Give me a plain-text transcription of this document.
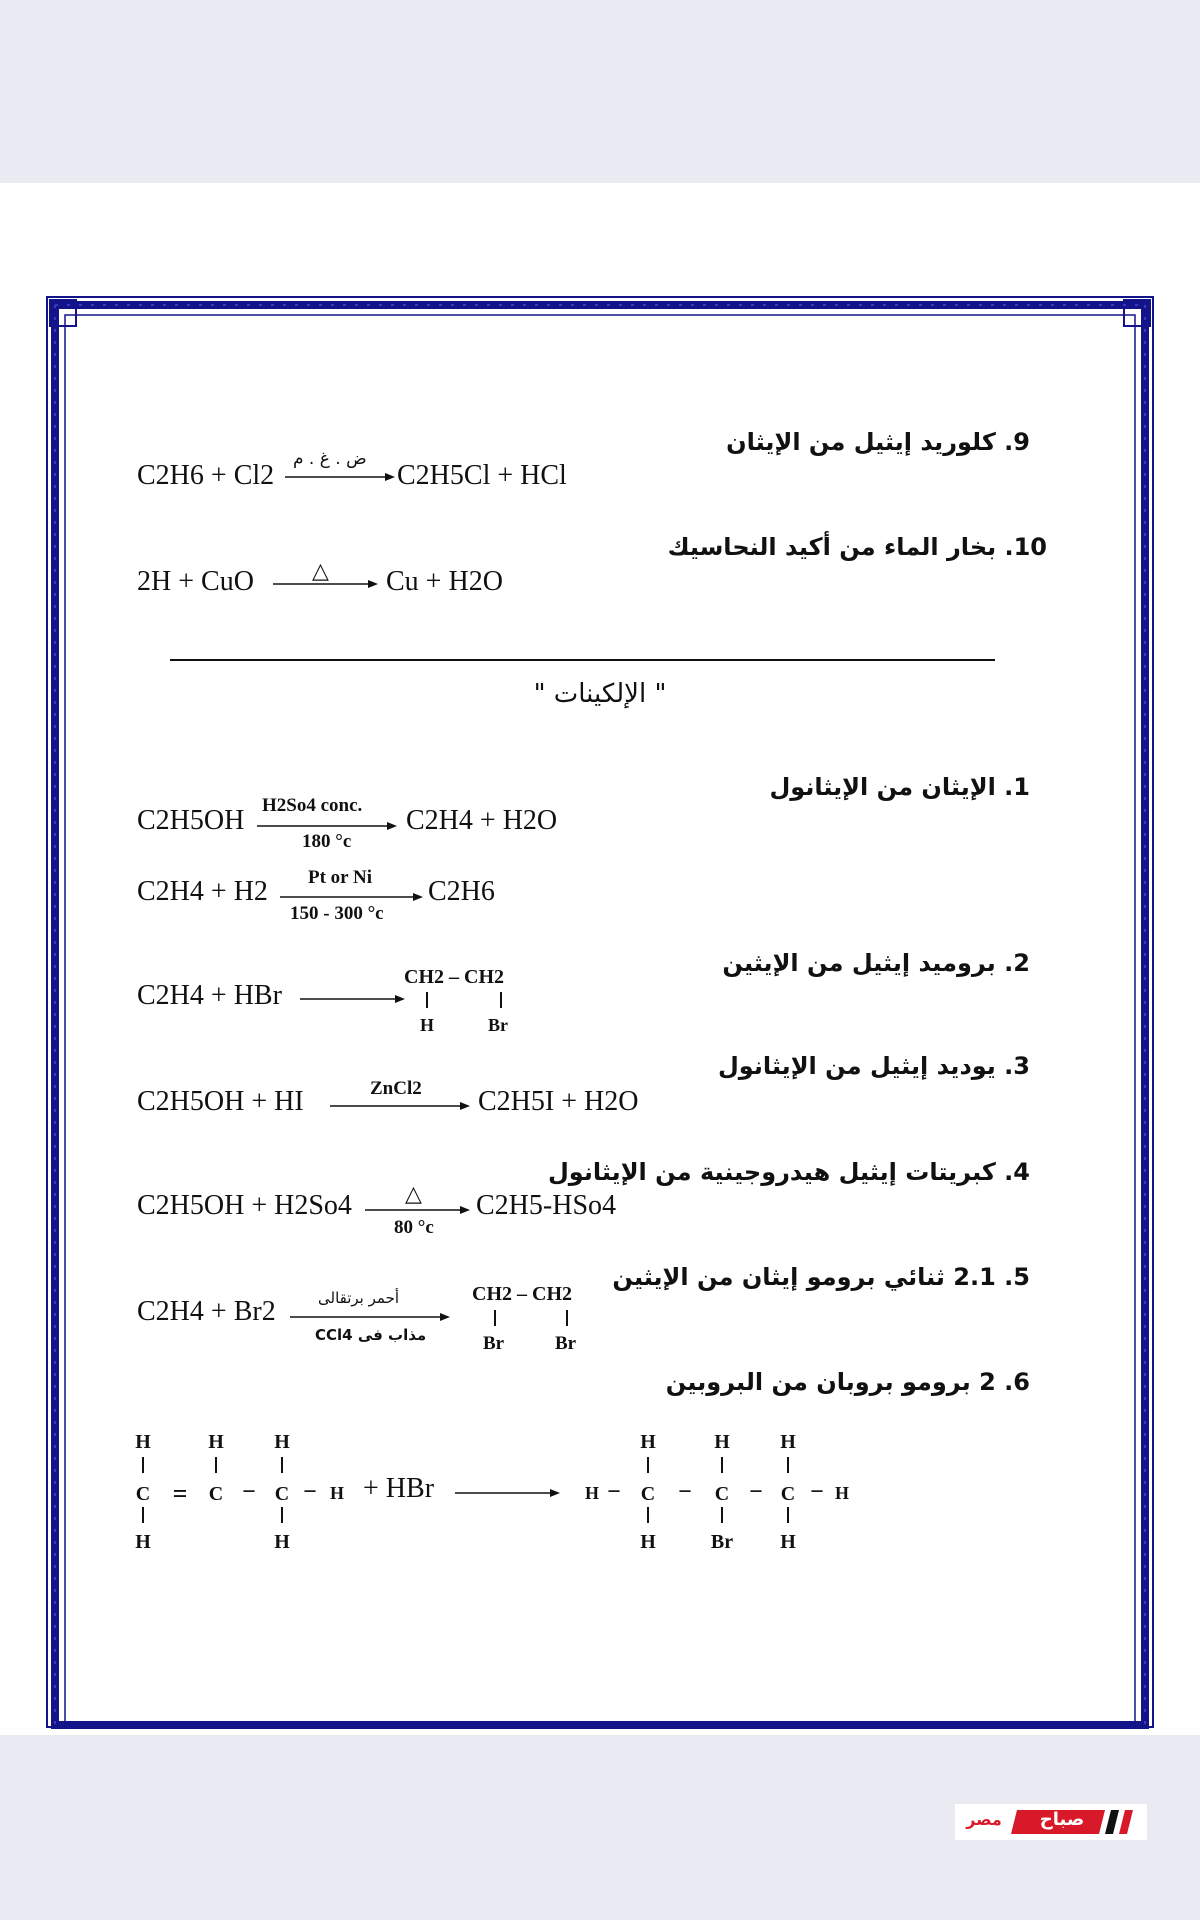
9. كلوريد إيثيل من الإيثان
C2H6 + Cl2
ض . غ . م
C2H5Cl + HCl
10. بخار الماء من أكيد النحاسيك
2H + CuO	△ Cu + H2O
" الإلكينات "
1. الإيثان من الإيثانول
C2H5OH H2So4 conc.
180 °c
C2H4 + H2O
C2H4 + H2 Pt or Ni
150 - 300 °c
C2H6
2. بروميد إيثيل من الإيثين
C2H4 + HBr
CH2 – CH2
H	Br
3. يوديد إيثيل من الإيثانول
C2H5OH + HI	ZnCl2 C2H5I + H2O
4. كبريتات إيثيل هيدروجينية من الإيثانول
C2H5OH + H2So4 △
80 °c
C2H5-HSo4
5. 2.1 ثنائي برومو إيثان من الإيثين
C2H4 + Br2	أحمر برتقالى
CCl4 مذاب فى
CH2 – CH2
Br	Br
6. 2 برومو بروبان من البروبين
H	H	H
C = C − C − H
H	H
+ HBr
H	H	H
H − C − C − C − H
H	Br H
صباح
مصر
